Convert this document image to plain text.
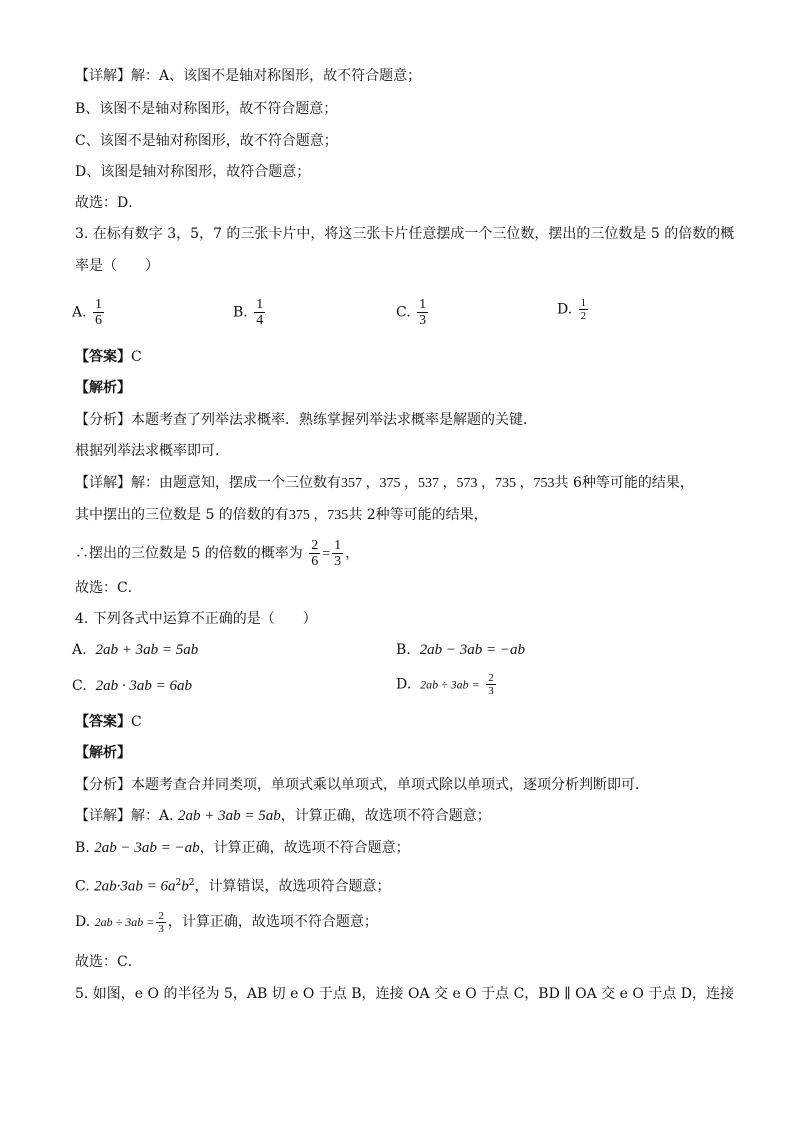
【详解】解：A、该图不是轴对称图形，故不符合题意；
B、该图不是轴对称图形，故不符合题意；
C、该图不是轴对称图形，故不符合题意；
D、该图是轴对称图形，故符合题意；
故选：D．
3. 在标有数字 3，5，7 的三张卡片中，将这三张卡片任意摆成一个三位数，摆出的三位数是 5 的倍数的概
率是（　　）
A. $\frac{1}{6}$	B. $\frac{1}{4}$	C. $\frac{1}{3}$	D. $\frac{1}{2}$
【答案】C
【解析】
【分析】本题考查了列举法求概率．熟练掌握列举法求概率是解题的关键．
根据列举法求概率即可．
【详解】解：由题意知，摆成一个三位数有357 ，375 ，537 ，573 ，735 ，753共 6种等可能的结果，
其中摆出的三位数是 5 的倍数的有375 ，735共 2种等可能的结果，
∴摆出的三位数是 5 的倍数的概率为 $\frac{2}{6} = \frac{1}{3}$ ，
故选：C．
4. 下列各式中运算不正确的是（　　）
A. 2ab + 3ab = 5ab	B. 2ab − 3ab = −ab
C. 2ab · 3ab = 6ab	D. $2ab \div 3ab = \frac{2}{3}$
【答案】C
【解析】
【分析】本题考查合并同类项，单项式乘以单项式，单项式除以单项式，逐项分析判断即可．
【详解】解：A. 2ab + 3ab = 5ab，计算正确，故选项不符合题意；
B. 2ab − 3ab = −ab，计算正确，故选项不符合题意；
C. $2ab\cdot 3ab = 6a^2b^2$，计算错误，故选项符合题意；
D. $2ab \div 3ab = \frac{2}{3}$ ，计算正确，故选项不符合题意；
故选：C．
5. 如图，e O 的半径为 5，AB 切 e O 于点 B，连接 OA 交 e O 于点 C，BD ∥ OA 交 e O 于点 D，连接
